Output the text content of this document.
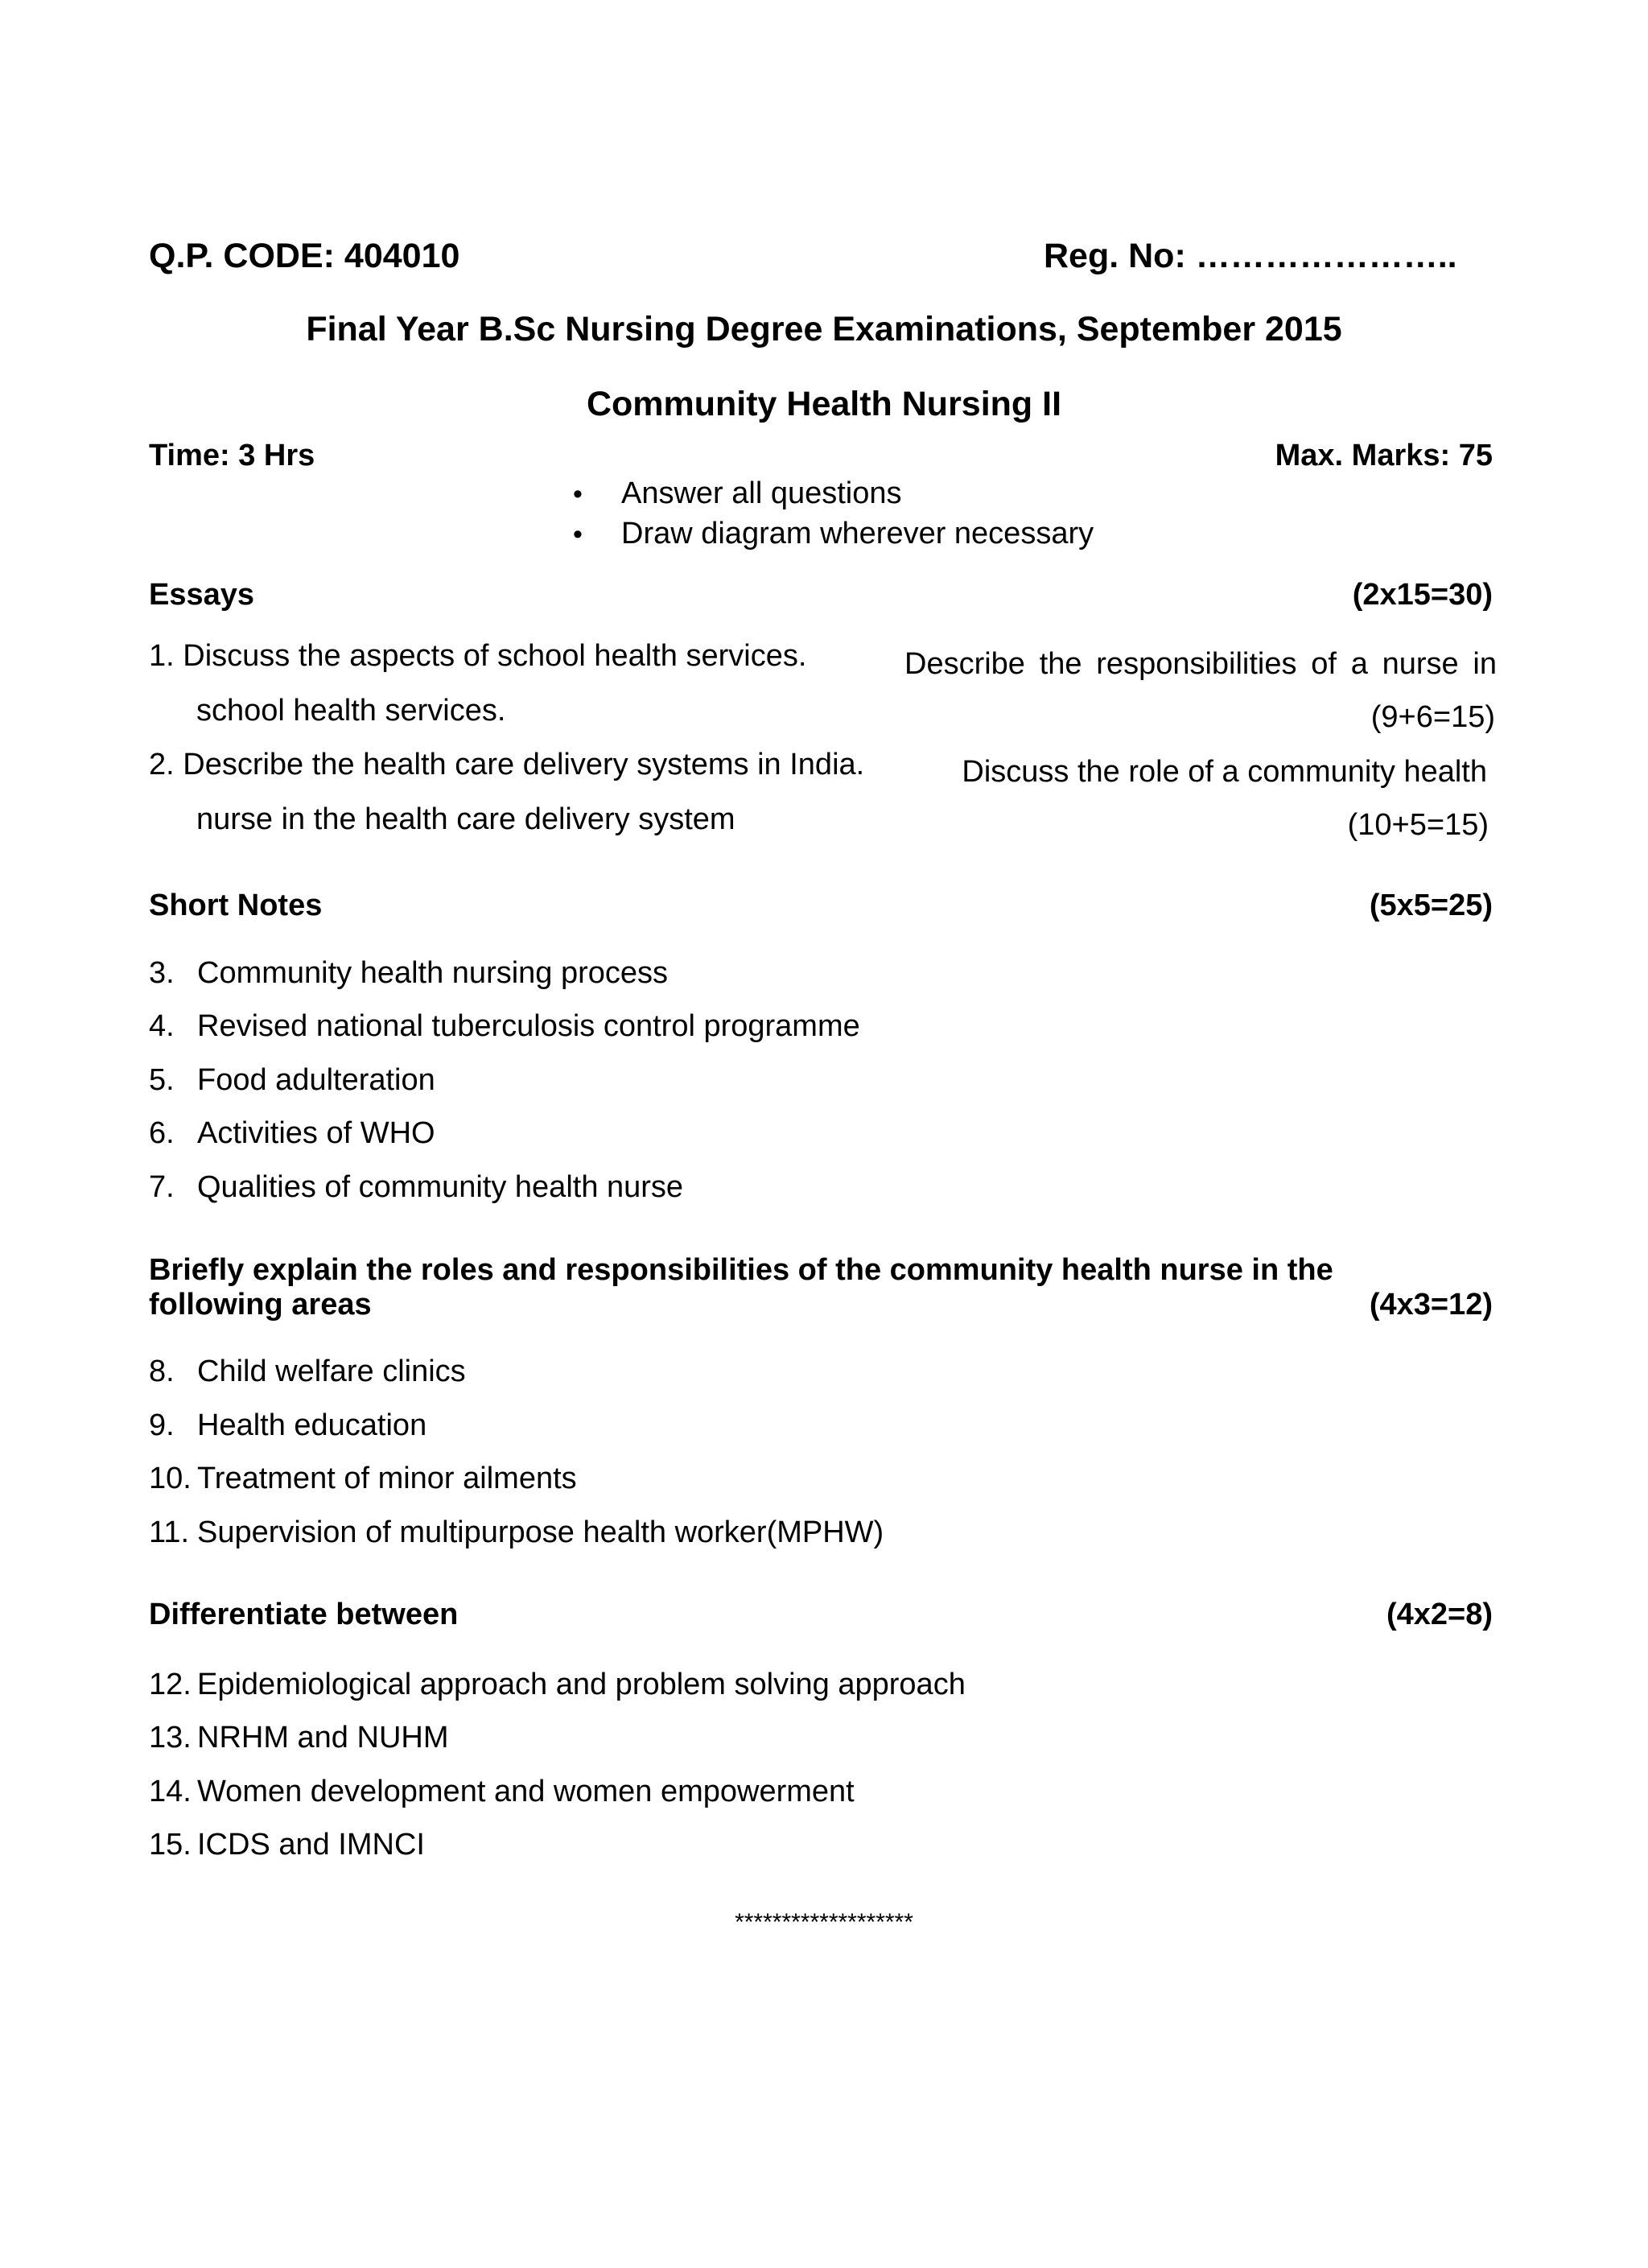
Q.P. CODE: 404010	Reg. No: …………………..
Final Year B.Sc Nursing Degree Examinations, September 2015
Community Health Nursing II
Time: 3 Hrs	Max. Marks: 75
• Answer all questions
• Draw diagram wherever necessary
Essays	(2x15=30)
1. Discuss the aspects of school health services.	Describe the responsibilities of a nurse in
school health services.	(9+6=15)
2. Describe the health care delivery systems in India.	Discuss the role of a community health
nurse in the health care delivery system	(10+5=15)
Short Notes	(5x5=25)
3. Community health nursing process
4. Revised national tuberculosis control programme
5. Food adulteration
6. Activities of WHO
7. Qualities of community health nurse
Briefly explain the roles and responsibilities of the community health nurse in the
following areas	(4x3=12)
8. Child welfare clinics
9. Health education
10. Treatment of minor ailments
11. Supervision of multipurpose health worker(MPHW)
Differentiate between	(4x2=8)
12. Epidemiological approach and problem solving approach
13. NRHM and NUHM
14. Women development and women empowerment
15. ICDS and IMNCI
*******************
